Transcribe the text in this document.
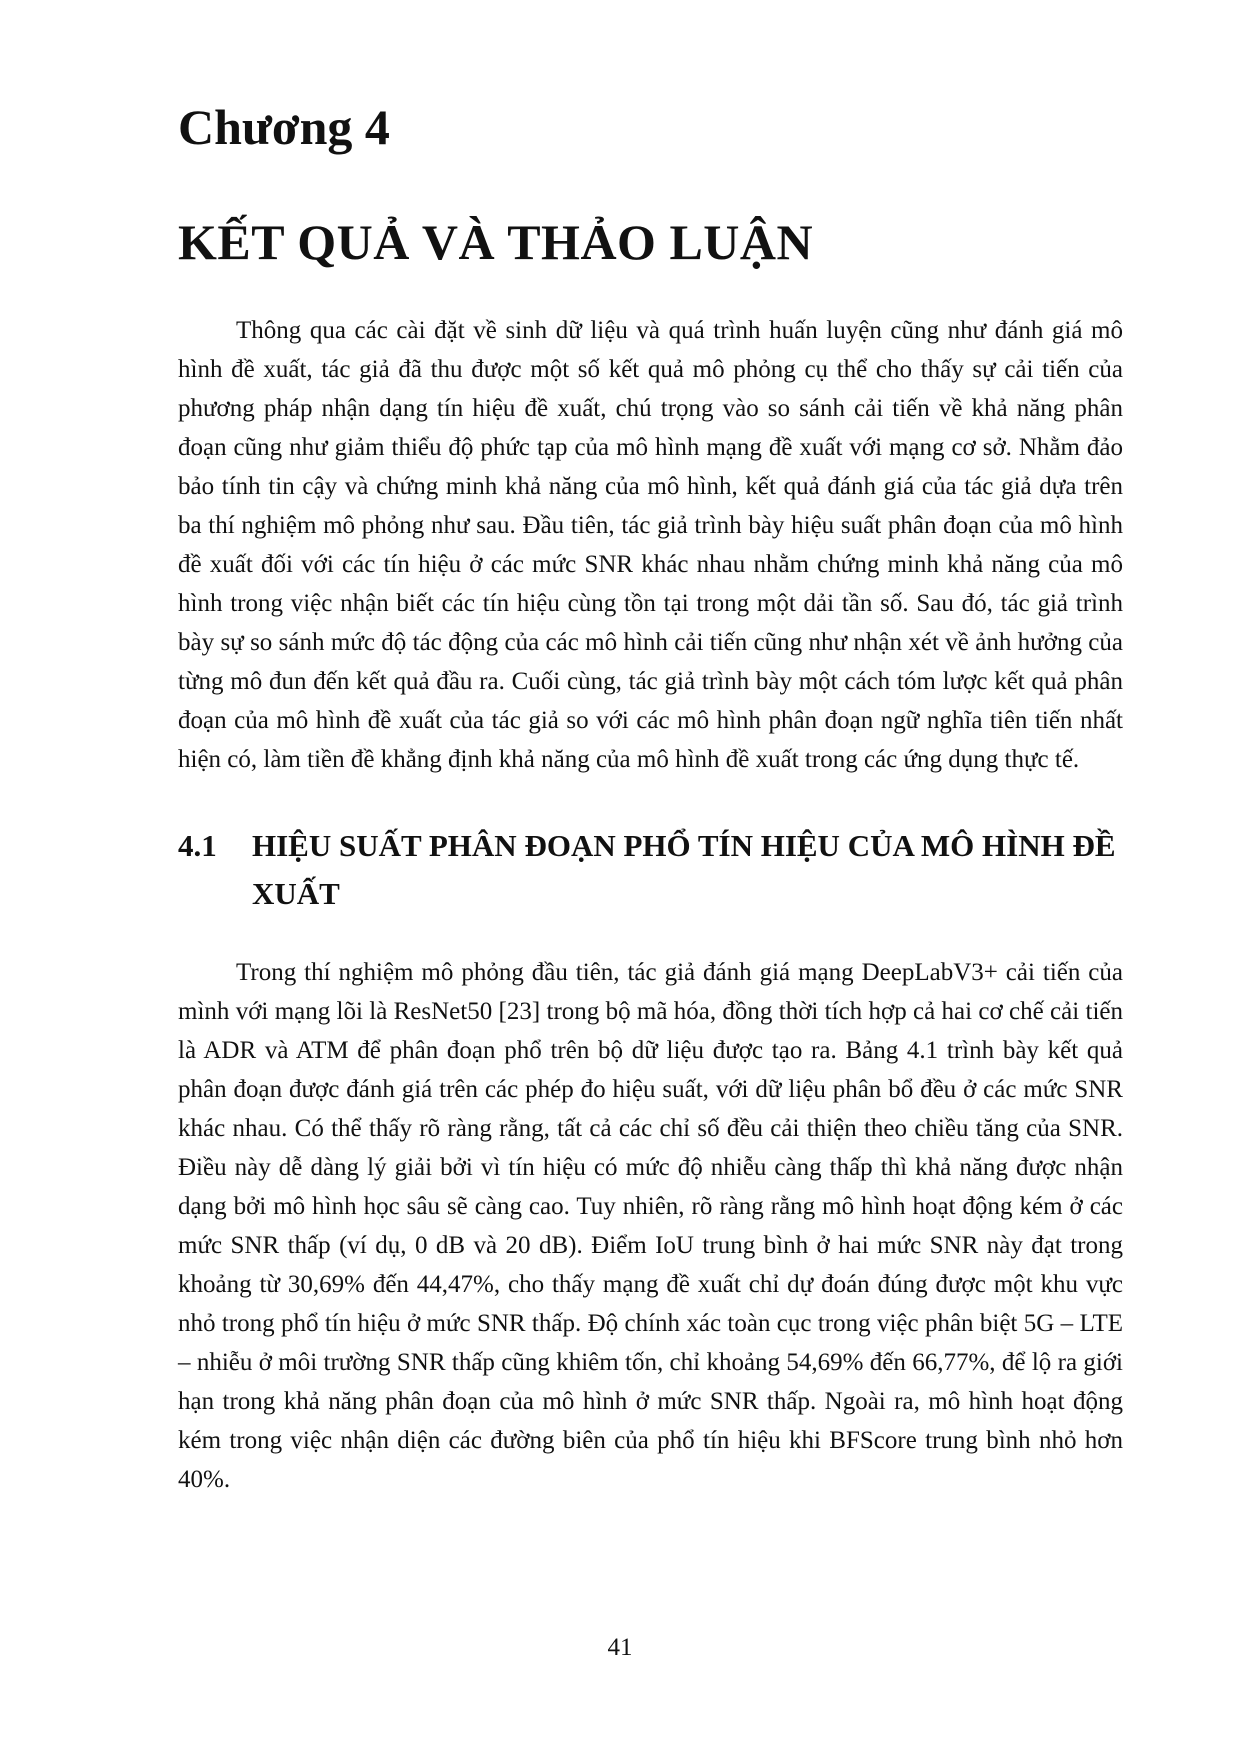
Chương 4
KẾT QUẢ VÀ THẢO LUẬN

Thông qua các cài đặt về sinh dữ liệu và quá trình huấn luyện cũng như đánh giá mô hình đề xuất, tác giả đã thu được một số kết quả mô phỏng cụ thể cho thấy sự cải tiến của phương pháp nhận dạng tín hiệu đề xuất, chú trọng vào so sánh cải tiến về khả năng phân đoạn cũng như giảm thiểu độ phức tạp của mô hình mạng đề xuất với mạng cơ sở. Nhằm đảo bảo tính tin cậy và chứng minh khả năng của mô hình, kết quả đánh giá của tác giả dựa trên ba thí nghiệm mô phỏng như sau. Đầu tiên, tác giả trình bày hiệu suất phân đoạn của mô hình đề xuất đối với các tín hiệu ở các mức SNR khác nhau nhằm chứng minh khả năng của mô hình trong việc nhận biết các tín hiệu cùng tồn tại trong một dải tần số. Sau đó, tác giả trình bày sự so sánh mức độ tác động của các mô hình cải tiến cũng như nhận xét về ảnh hưởng của từng mô đun đến kết quả đầu ra. Cuối cùng, tác giả trình bày một cách tóm lược kết quả phân đoạn của mô hình đề xuất của tác giả so với các mô hình phân đoạn ngữ nghĩa tiên tiến nhất hiện có, làm tiền đề khẳng định khả năng của mô hình đề xuất trong các ứng dụng thực tế.

4.1	HIỆU SUẤT PHÂN ĐOẠN PHỔ TÍN HIỆU CỦA MÔ HÌNH ĐỀ XUẤT

Trong thí nghiệm mô phỏng đầu tiên, tác giả đánh giá mạng DeepLabV3+ cải tiến của mình với mạng lõi là ResNet50 [23] trong bộ mã hóa, đồng thời tích hợp cả hai cơ chế cải tiến là ADR và ATM để phân đoạn phổ trên bộ dữ liệu được tạo ra. Bảng 4.1 trình bày kết quả phân đoạn được đánh giá trên các phép đo hiệu suất, với dữ liệu phân bổ đều ở các mức SNR khác nhau. Có thể thấy rõ ràng rằng, tất cả các chỉ số đều cải thiện theo chiều tăng của SNR. Điều này dễ dàng lý giải bởi vì tín hiệu có mức độ nhiễu càng thấp thì khả năng được nhận dạng bởi mô hình học sâu sẽ càng cao. Tuy nhiên, rõ ràng rằng mô hình hoạt động kém ở các mức SNR thấp (ví dụ, 0 dB và 20 dB). Điểm IoU trung bình ở hai mức SNR này đạt trong khoảng từ 30,69% đến 44,47%, cho thấy mạng đề xuất chỉ dự đoán đúng được một khu vực nhỏ trong phổ tín hiệu ở mức SNR thấp. Độ chính xác toàn cục trong việc phân biệt 5G – LTE – nhiễu ở môi trường SNR thấp cũng khiêm tốn, chỉ khoảng 54,69% đến 66,77%, để lộ ra giới hạn trong khả năng phân đoạn của mô hình ở mức SNR thấp. Ngoài ra, mô hình hoạt động kém trong việc nhận diện các đường biên của phổ tín hiệu khi BFScore trung bình nhỏ hơn 40%.

41
